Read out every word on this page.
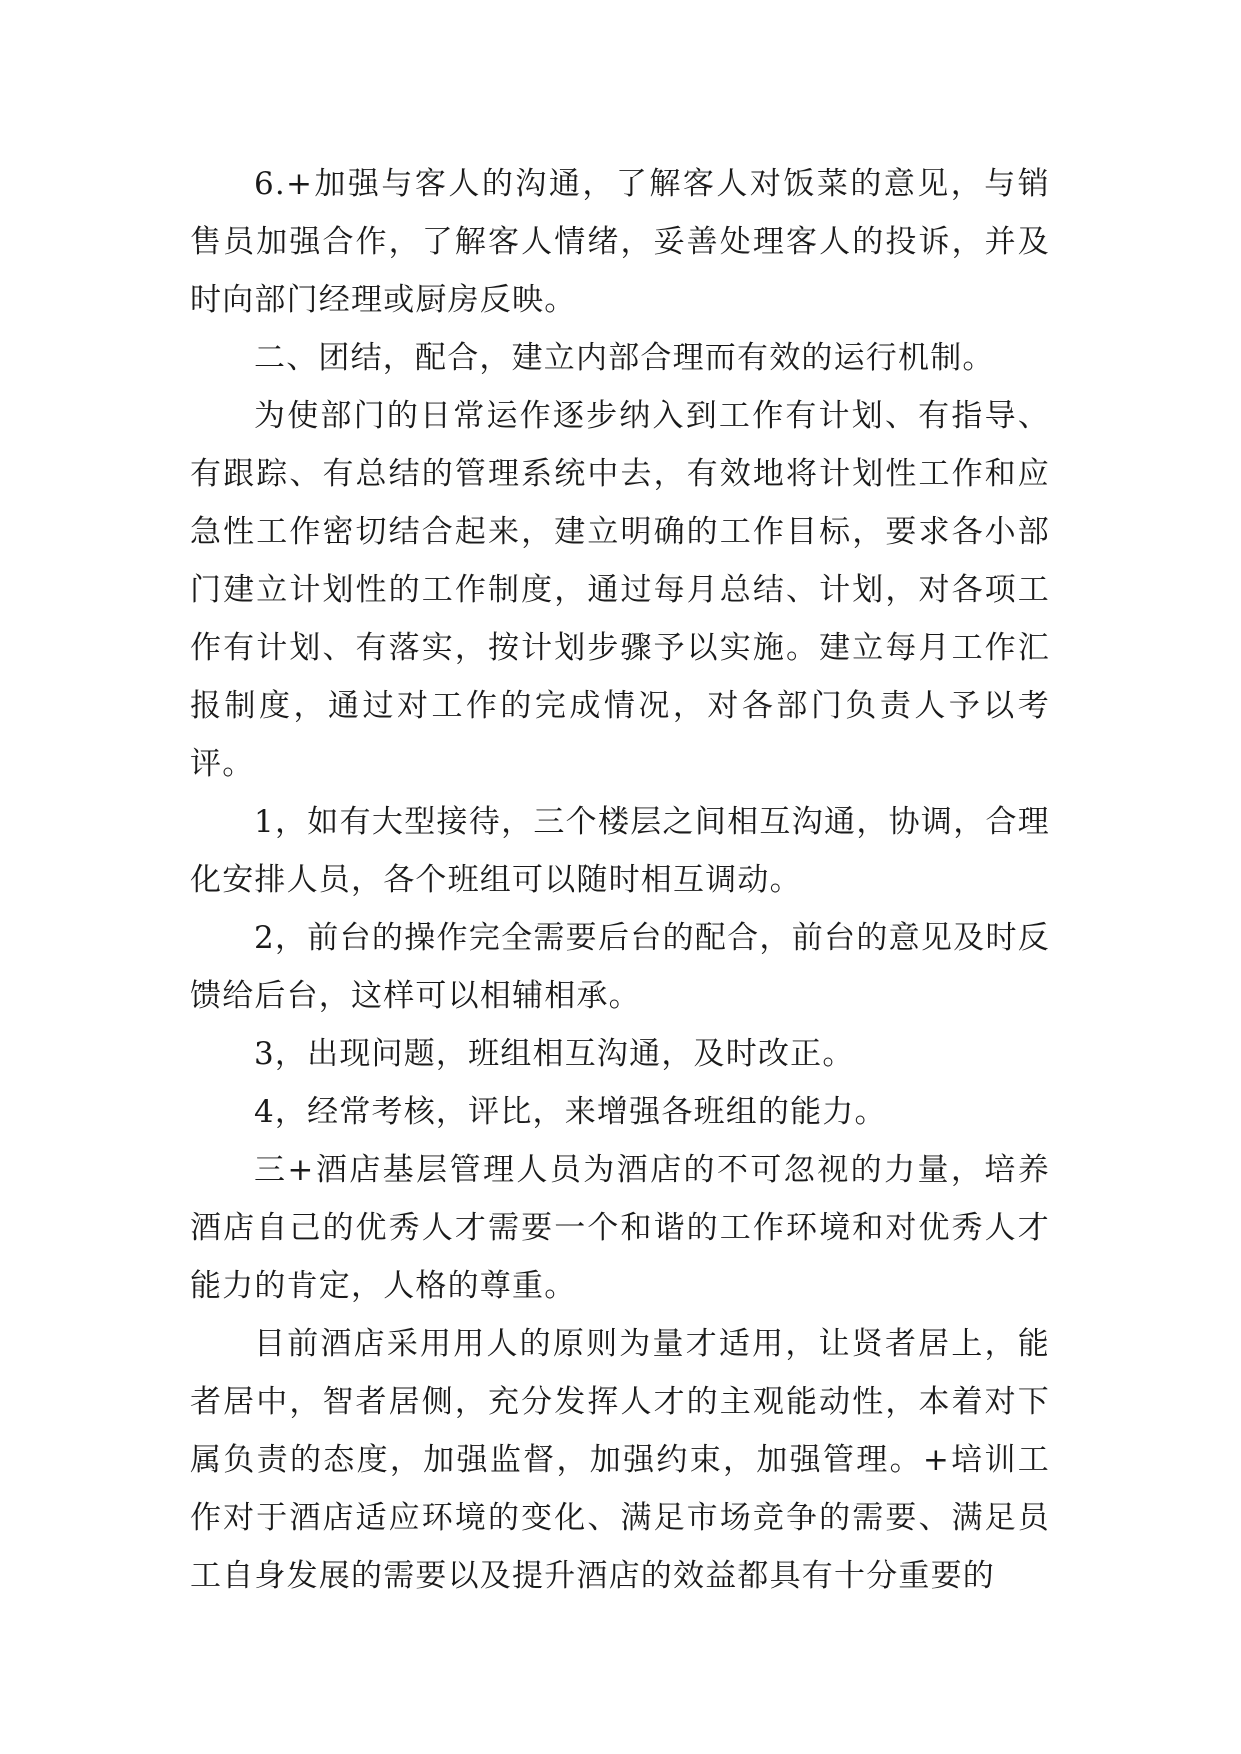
6.+加强与客人的沟通，了解客人对饭菜的意见，与销售员加强合作，了解客人情绪，妥善处理客人的投诉，并及时向部门经理或厨房反映。

二、团结，配合，建立内部合理而有效的运行机制。

为使部门的日常运作逐步纳入到工作有计划、有指导、有跟踪、有总结的管理系统中去，有效地将计划性工作和应急性工作密切结合起来，建立明确的工作目标，要求各小部门建立计划性的工作制度，通过每月总结、计划，对各项工作有计划、有落实，按计划步骤予以实施。建立每月工作汇报制度，通过对工作的完成情况，对各部门负责人予以考评。

1，如有大型接待，三个楼层之间相互沟通，协调，合理化安排人员，各个班组可以随时相互调动。

2，前台的操作完全需要后台的配合，前台的意见及时反馈给后台，这样可以相辅相承。

3，出现问题，班组相互沟通，及时改正。

4，经常考核，评比，来增强各班组的能力。

三+酒店基层管理人员为酒店的不可忽视的力量，培养酒店自己的优秀人才需要一个和谐的工作环境和对优秀人才能力的肯定，人格的尊重。

目前酒店采用用人的原则为量才适用，让贤者居上，能者居中，智者居侧，充分发挥人才的主观能动性，本着对下属负责的态度，加强监督，加强约束，加强管理。+培训工作对于酒店适应环境的变化、满足市场竞争的需要、满足员工自身发展的需要以及提升酒店的效益都具有十分重要的
